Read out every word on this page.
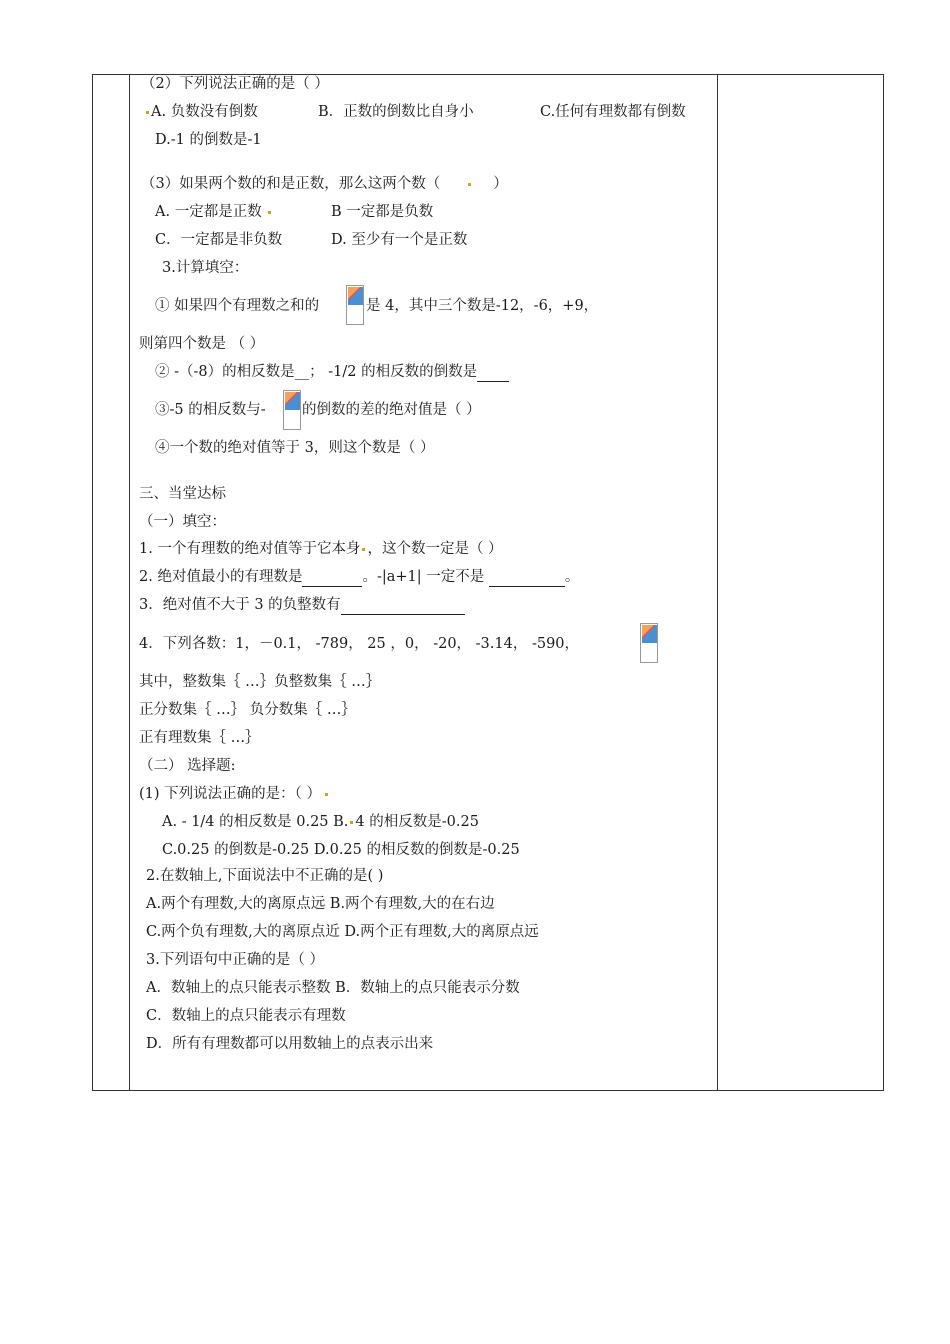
（2）下列说法正确的是（ ）
A. 负数没有倒数	B．正数的倒数比自身小	C.任何有理数都有倒数
D.-1 的倒数是-1
（3）如果两个数的和是正数，那么这两个数（	）
A. 一定都是正数	B 一定都是负数
C．一定都是非负数	D. 至少有一个是正数
3.计算填空：
① 如果四个有理数之和的	是 4，其中三个数是-12，-6，+9，
则第四个数是 （ ）
② -（-8）的相反数是__； -1/2 的相反数的倒数是
③-5 的相反数与-	的倒数的差的绝对值是（ ）
④一个数的绝对值等于 3，则这个数是（ ）
三、当堂达标
（一）填空：
1. 一个有理数的绝对值等于它本身 ，这个数一定是（ ）
2. 绝对值最小的有理数是	。-|a+1| 一定不是	。
3．绝对值不大于 3 的负整数有
4．下列各数：1，－0.1， -789， 25 ，0， -20， -3.14， -590，
其中，整数集｛ …｝负整数集｛ …｝
正分数集｛ …｝ 负分数集｛ …｝
正有理数集｛ …｝
（二） 选择题:
(1) 下列说法正确的是：（ ）
A. - 1/4 的相反数是 0.25 B. 4 的相反数是-0.25
C.0.25 的倒数是-0.25 D.0.25 的相反数的倒数是-0.25
2.在数轴上,下面说法中不正确的是( )
A.两个有理数,大的离原点远 B.两个有理数,大的在右边
C.两个负有理数,大的离原点近 D.两个正有理数,大的离原点远
3.下列语句中正确的是（ ）
A．数轴上的点只能表示整数 B．数轴上的点只能表示分数
C．数轴上的点只能表示有理数
D．所有有理数都可以用数轴上的点表示出来
